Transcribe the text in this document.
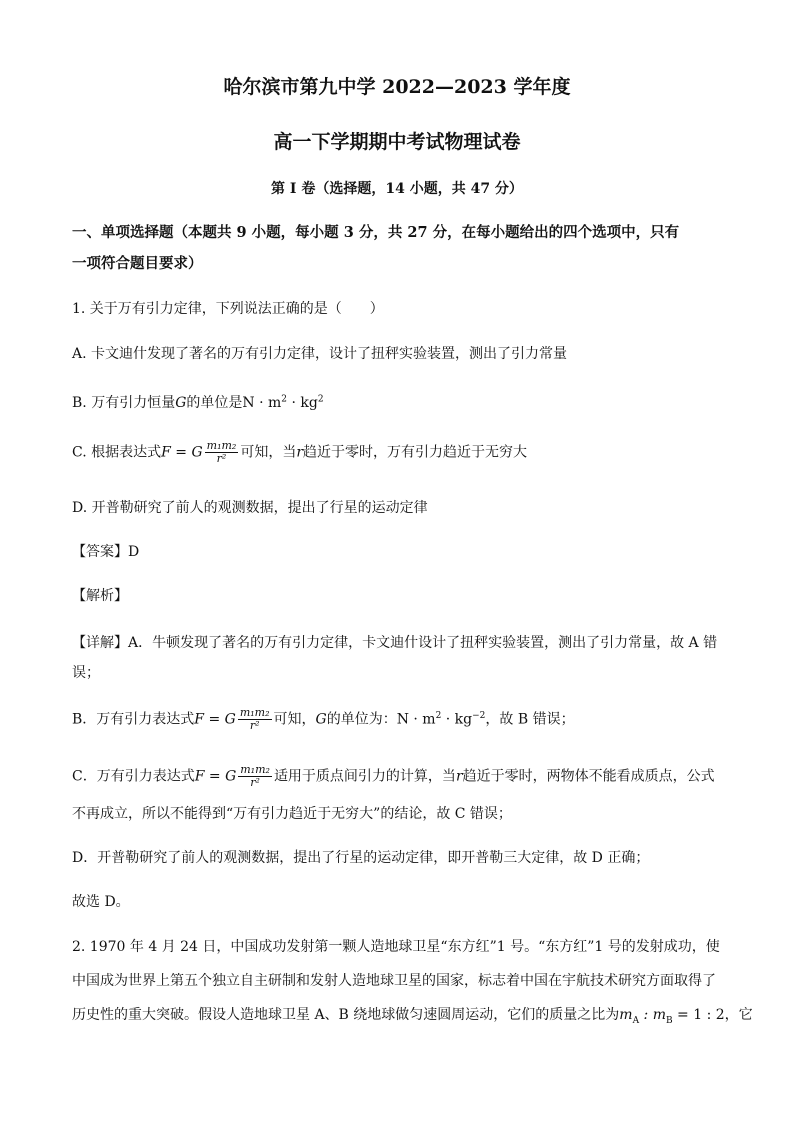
哈尔滨市第九中学 2022—2023 学年度
高一下学期期中考试物理试卷
第 I 卷（选择题，14 小题，共 47 分）
一、单项选择题（本题共 9 小题，每小题 3 分，共 27 分，在每小题给出的四个选项中，只有
一项符合题目要求）
1. 关于万有引力定律，下列说法正确的是（　　）
A. 卡文迪什发现了著名的万有引力定律，设计了扭秤实验装置，测出了引力常量
B. 万有引力恒量G的单位是$N \cdot m^2 \cdot kg^2$
C. 根据表达式F = G $\frac{\text{m₁m₂}}{\text{r²}}$ 可知，当r趋近于零时，万有引力趋近于无穷大
D. 开普勒研究了前人的观测数据，提出了行星的运动定律
【答案】D
【解析】
【详解】A．牛顿发现了著名的万有引力定律，卡文迪什设计了扭秤实验装置，测出了引力常量，故 A 错
误；
B．万有引力表达式F = G $\frac{\text{m₁m₂}}{\text{r²}}$ 可知，G的单位为：$N \cdot m^2 \cdot kg^{-2}$，故 B 错误；
C．万有引力表达式F = G $\frac{\text{m₁m₂}}{\text{r²}}$ 适用于质点间引力的计算，当r趋近于零时，两物体不能看成质点，公式
不再成立，所以不能得到“万有引力趋近于无穷大”的结论，故 C 错误；
D．开普勒研究了前人的观测数据，提出了行星的运动定律，即开普勒三大定律，故 D 正确；
故选 D。
2. 1970 年 4 月 24 日，中国成功发射第一颗人造地球卫星“东方红”1 号。“东方红”1 号的发射成功，使
中国成为世界上第五个独立自主研制和发射人造地球卫星的国家，标志着中国在宇航技术研究方面取得了
历史性的重大突破。假设人造地球卫星 A、B 绕地球做匀速圆周运动，它们的质量之比为$m_A$ : $m_B = 1$ : 2，它
